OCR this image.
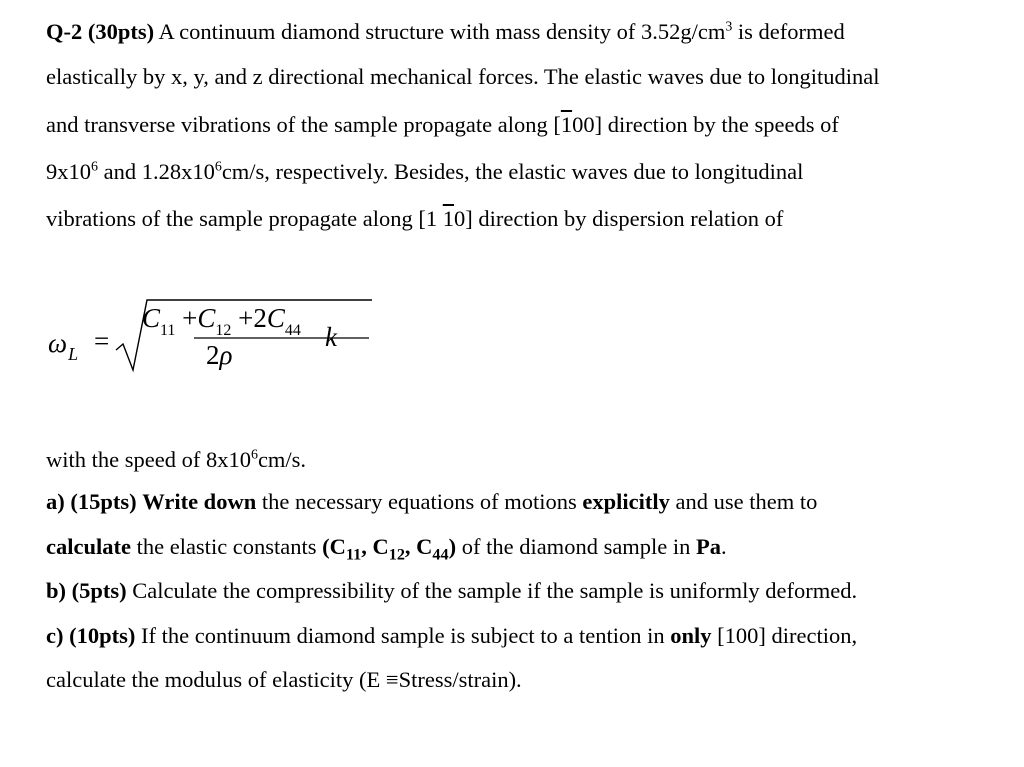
Q-2 (30pts) A continuum diamond structure with mass density of $3.52g/cm^3$ is deformed
elastically by x, y, and z directional mechanical forces. The elastic waves due to longitudinal
and transverse vibrations of the sample propagate along [100] direction by the speeds of
$9x10^6$ and $1.28x10^6cm/s$, respectively. Besides, the elastic waves due to longitudinal
vibrations of the sample propagate along [1 10] direction by dispersion relation of
with the speed of $8x10^6cm/s$.
a) (15pts) Write down the necessary equations of motions explicitly and use them to
calculate the elastic constants ($C_{11}$, $C_{12}$, $C_{44}$) of the diamond sample in Pa.
b) (5pts) Calculate the compressibility of the sample if the sample is uniformly deformed.
c) (10pts) If the continuum diamond sample is subject to a tention in only [100] direction,
calculate the modulus of elasticity (E ≡Stress/strain).
$\omega_L$ =
$C_{11} +C_{12} +2C_{44}$
2ρ
k
